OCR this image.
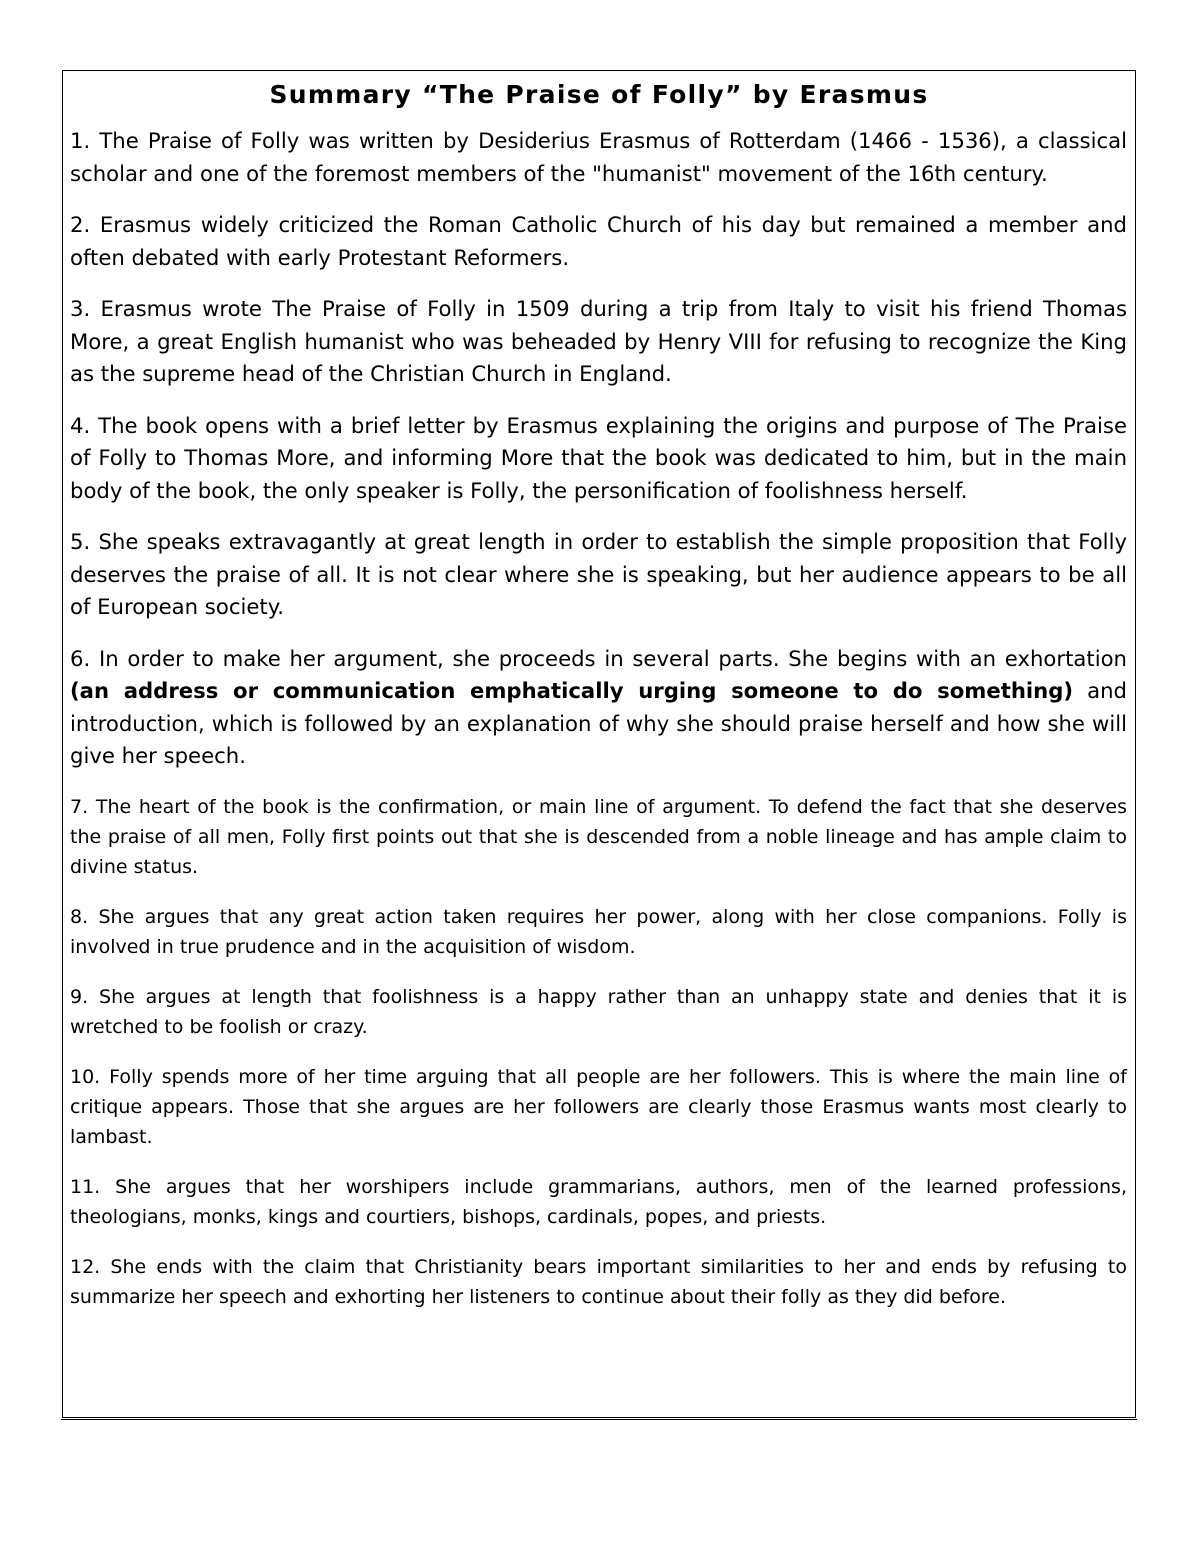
Summary “The Praise of Folly” by Erasmus

1. The Praise of Folly was written by Desiderius Erasmus of Rotterdam (1466 - 1536), a classical scholar and one of the foremost members of the "humanist" movement of the 16th century.

2. Erasmus widely criticized the Roman Catholic Church of his day but remained a member and often debated with early Protestant Reformers.

3. Erasmus wrote The Praise of Folly in 1509 during a trip from Italy to visit his friend Thomas More, a great English humanist who was beheaded by Henry VIII for refusing to recognize the King as the supreme head of the Christian Church in England.

4. The book opens with a brief letter by Erasmus explaining the origins and purpose of The Praise of Folly to Thomas More, and informing More that the book was dedicated to him, but in the main body of the book, the only speaker is Folly, the personification of foolishness herself.

5. She speaks extravagantly at great length in order to establish the simple proposition that Folly deserves the praise of all. It is not clear where she is speaking, but her audience appears to be all of European society.

6. In order to make her argument, she proceeds in several parts. She begins with an exhortation (an address or communication emphatically urging someone to do something) and introduction, which is followed by an explanation of why she should praise herself and how she will give her speech.

7. The heart of the book is the confirmation, or main line of argument. To defend the fact that she deserves the praise of all men, Folly first points out that she is descended from a noble lineage and has ample claim to divine status.

8. She argues that any great action taken requires her power, along with her close companions. Folly is involved in true prudence and in the acquisition of wisdom.

9. She argues at length that foolishness is a happy rather than an unhappy state and denies that it is wretched to be foolish or crazy.

10. Folly spends more of her time arguing that all people are her followers. This is where the main line of critique appears. Those that she argues are her followers are clearly those Erasmus wants most clearly to lambast.

11. She argues that her worshipers include grammarians, authors, men of the learned professions, theologians, monks, kings and courtiers, bishops, cardinals, popes, and priests.

12. She ends with the claim that Christianity bears important similarities to her and ends by refusing to summarize her speech and exhorting her listeners to continue about their folly as they did before.
